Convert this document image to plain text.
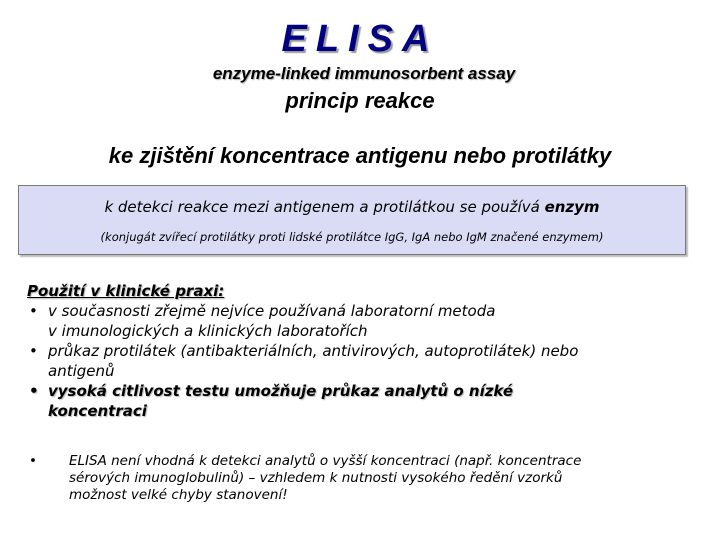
ELISA
enzyme-linked immunosorbent assay
princip reakce
ke zjištění koncentrace antigenu nebo protilátky
k detekci reakce mezi antigenem a protilátkou se používá enzym
(konjugát zvířecí protilátky proti lidské protilátce IgG, IgA nebo IgM značené enzymem)

Použití v klinické praxi:

• v současnosti zřejmě nejvíce používaná laboratorní metoda
v imunologických a klinických laboratořích
• průkaz protilátek (antibakteriálních, antivirových, autoprotilátek) nebo
antigenů
• vysoká citlivost testu umožňuje průkaz analytů o nízké
koncentraci
•	ELISA není vhodná k detekci analytů o vyšší koncentraci (např. koncentrace
sérových imunoglobulinů) – vzhledem k nutnosti vysokého ředění vzorků
možnost velké chyby stanovení!
